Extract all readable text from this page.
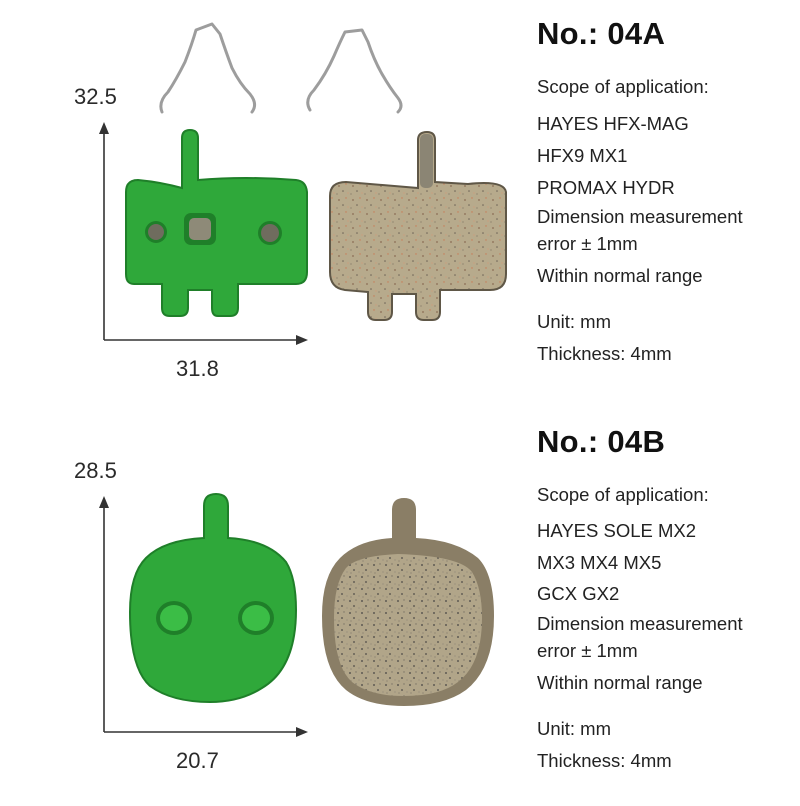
32.5
31.8
No.: 04A
Scope of application:
HAYES HFX-MAG
HFX9 MX1
PROMAX HYDR
Dimension measurement
error ± 1mm
Within normal range
Unit: mm
Thickness: 4mm
28.5
20.7
No.: 04B
Scope of application:
HAYES SOLE MX2
MX3 MX4 MX5
GCX GX2
Dimension measurement
error ± 1mm
Within normal range
Unit: mm
Thickness: 4mm
